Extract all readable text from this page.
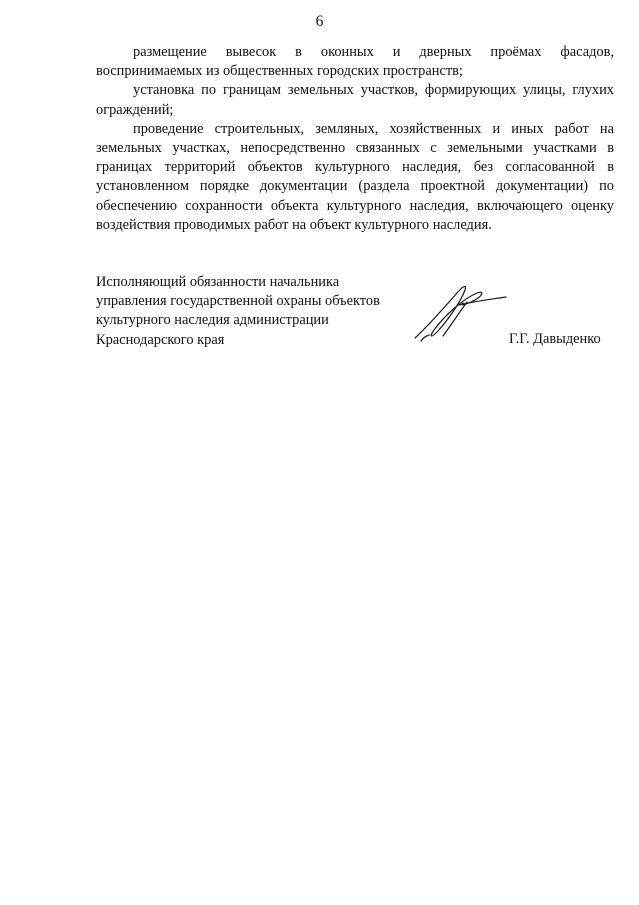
6

размещение вывесок в оконных и дверных проёмах фасадов, воспринимаемых из общественных городских пространств;

установка по границам земельных участков, формирующих улицы, глухих ограждений;

проведение строительных, земляных, хозяйственных и иных работ на земельных участках, непосредственно связанных с земельными участками в границах территорий объектов культурного наследия, без согласованной в установленном порядке документации (раздела проектной документации) по обеспечению сохранности объекта культурного наследия, включающего оценку воздействия проводимых работ на объект культурного наследия.

Исполняющий обязанности начальника
управления государственной охраны объектов
культурного наследия администрации
Краснодарского края	Г.Г. Давыденко
